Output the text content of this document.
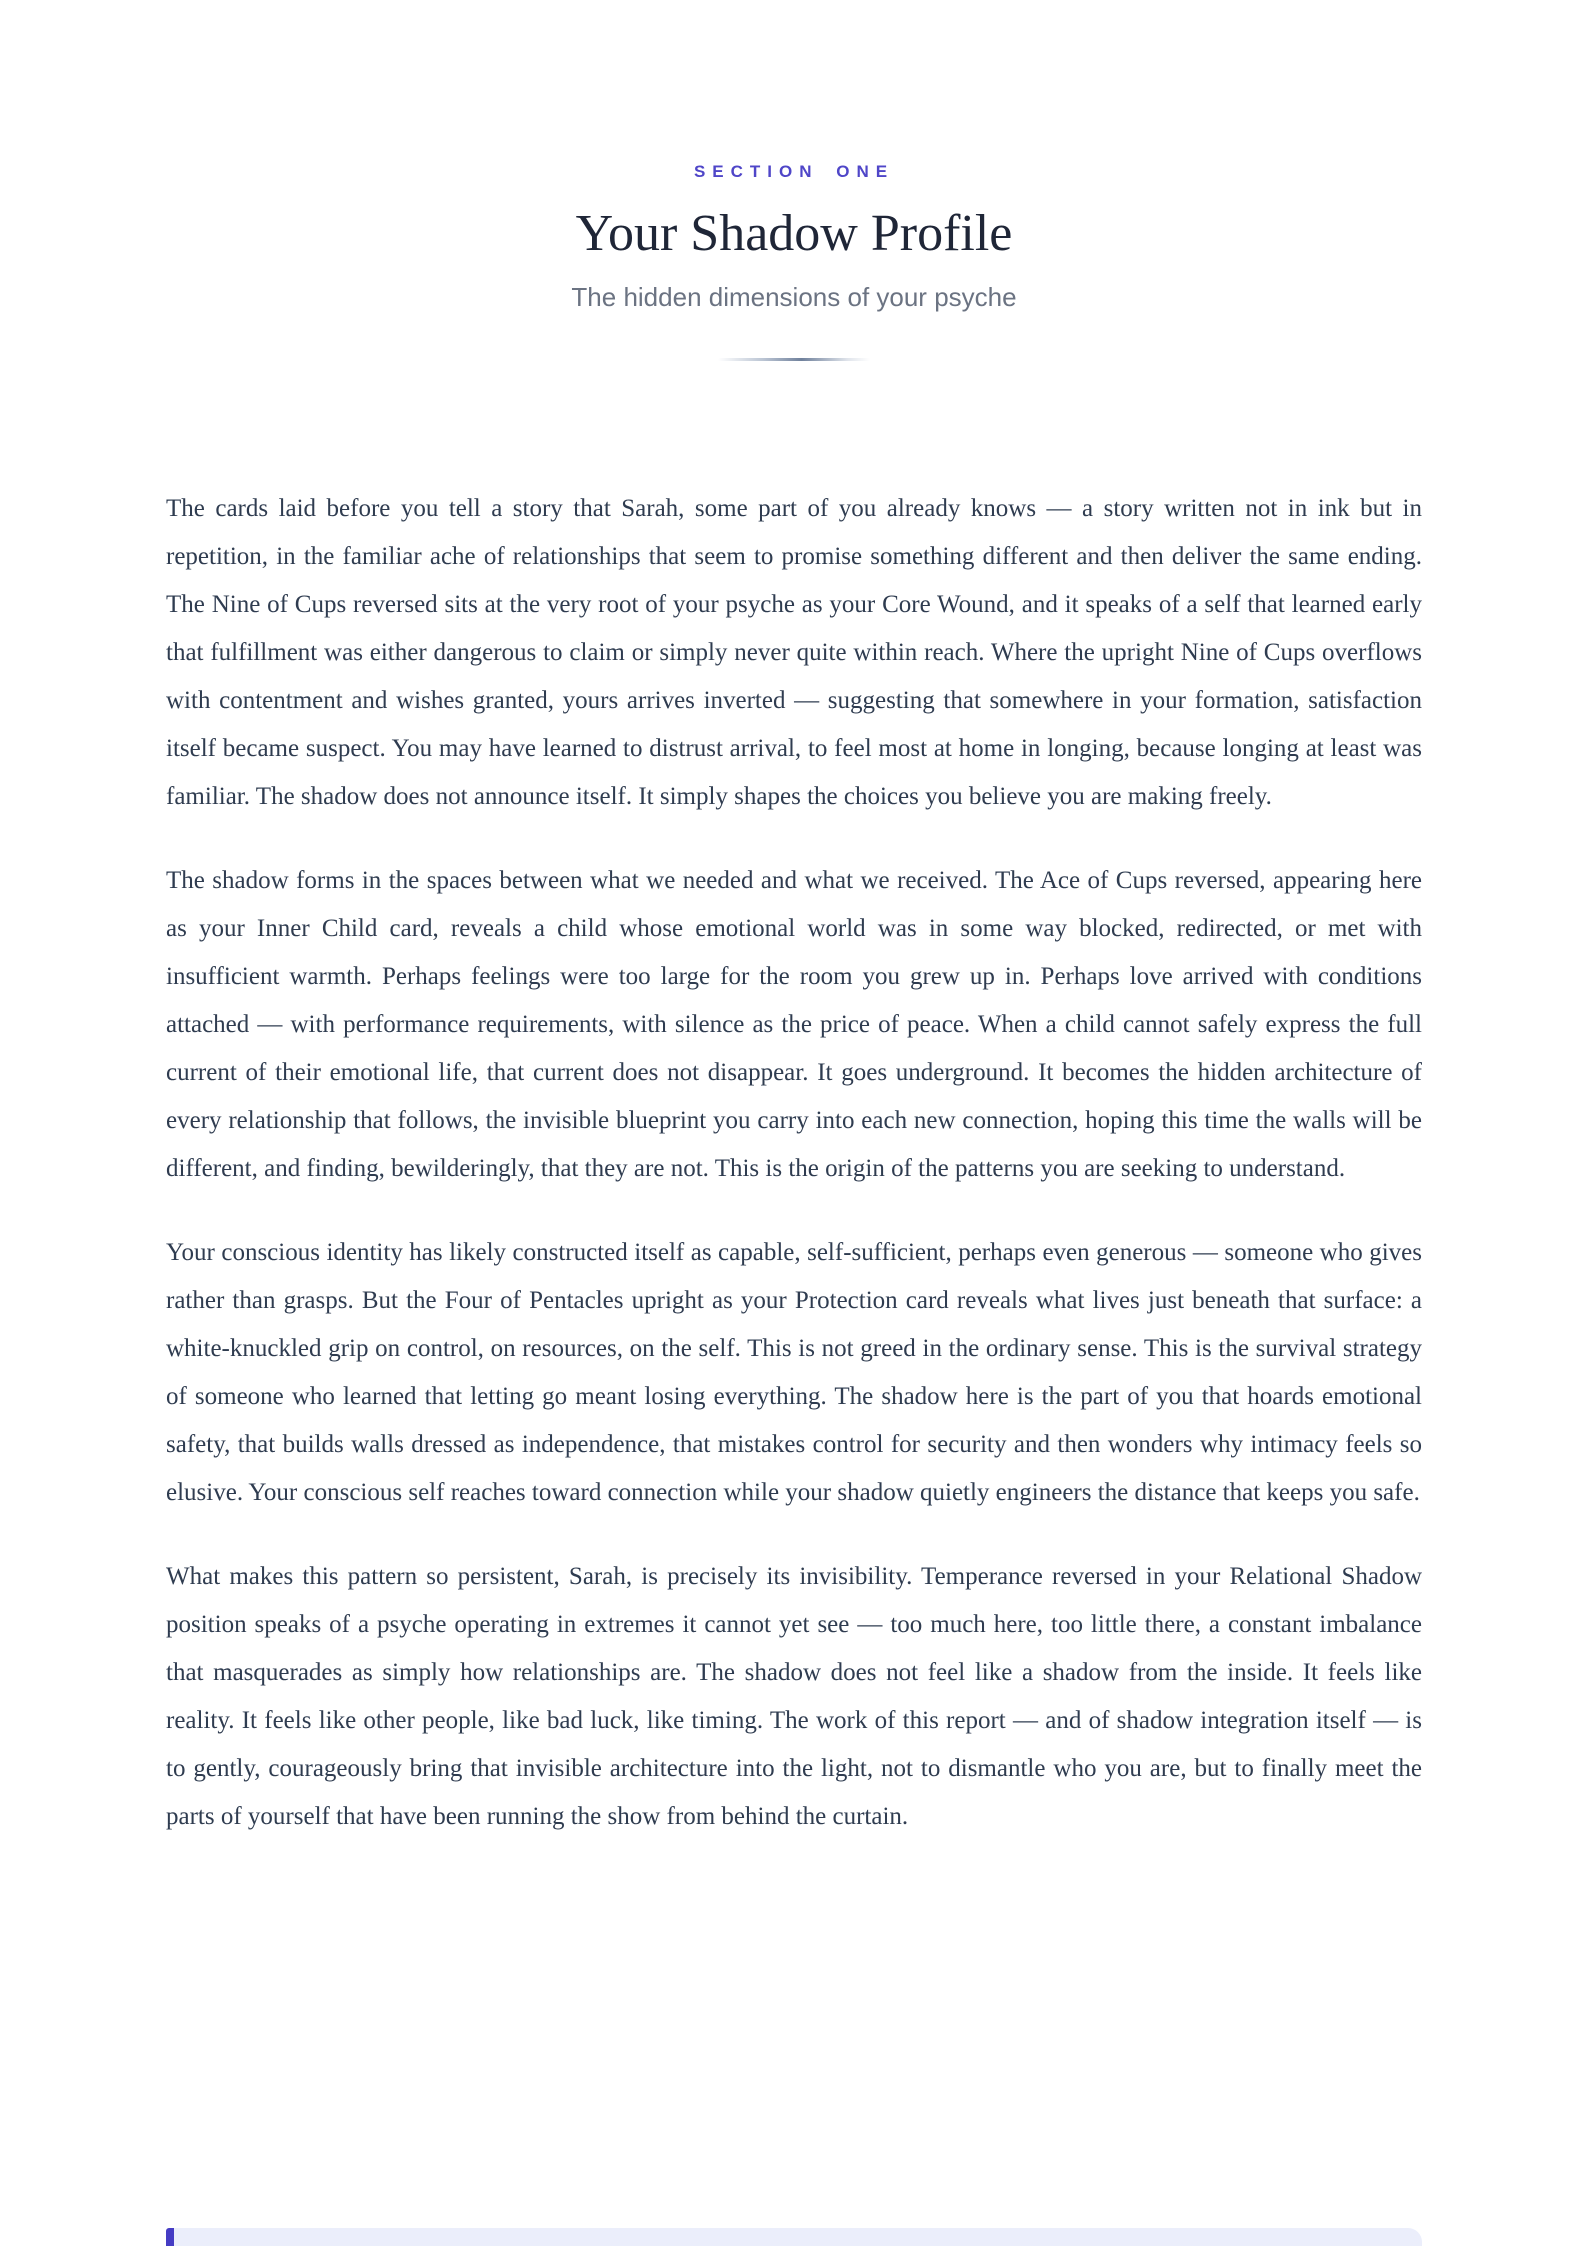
SECTION ONE
Your Shadow Profile
The hidden dimensions of your psyche

The cards laid before you tell a story that Sarah, some part of you already knows — a story written not in ink but in repetition, in the familiar ache of relationships that seem to promise something different and then deliver the same ending. The Nine of Cups reversed sits at the very root of your psyche as your Core Wound, and it speaks of a self that learned early that fulfillment was either dangerous to claim or simply never quite within reach. Where the upright Nine of Cups overflows with contentment and wishes granted, yours arrives inverted — suggesting that somewhere in your formation, satisfaction itself became suspect. You may have learned to distrust arrival, to feel most at home in longing, because longing at least was familiar. The shadow does not announce itself. It simply shapes the choices you believe you are making freely.

The shadow forms in the spaces between what we needed and what we received. The Ace of Cups reversed, appearing here as your Inner Child card, reveals a child whose emotional world was in some way blocked, redirected, or met with insufficient warmth. Perhaps feelings were too large for the room you grew up in. Perhaps love arrived with conditions attached — with performance requirements, with silence as the price of peace. When a child cannot safely express the full current of their emotional life, that current does not disappear. It goes underground. It becomes the hidden architecture of every relationship that follows, the invisible blueprint you carry into each new connection, hoping this time the walls will be different, and finding, bewilderingly, that they are not. This is the origin of the patterns you are seeking to understand.

Your conscious identity has likely constructed itself as capable, self-sufficient, perhaps even generous — someone who gives rather than grasps. But the Four of Pentacles upright as your Protection card reveals what lives just beneath that surface: a white-knuckled grip on control, on resources, on the self. This is not greed in the ordinary sense. This is the survival strategy of someone who learned that letting go meant losing everything. The shadow here is the part of you that hoards emotional safety, that builds walls dressed as independence, that mistakes control for security and then wonders why intimacy feels so elusive. Your conscious self reaches toward connection while your shadow quietly engineers the distance that keeps you safe.

What makes this pattern so persistent, Sarah, is precisely its invisibility. Temperance reversed in your Relational Shadow position speaks of a psyche operating in extremes it cannot yet see — too much here, too little there, a constant imbalance that masquerades as simply how relationships are. The shadow does not feel like a shadow from the inside. It feels like reality. It feels like other people, like bad luck, like timing. The work of this report — and of shadow integration itself — is to gently, courageously bring that invisible architecture into the light, not to dismantle who you are, but to finally meet the parts of yourself that have been running the show from behind the curtain.
